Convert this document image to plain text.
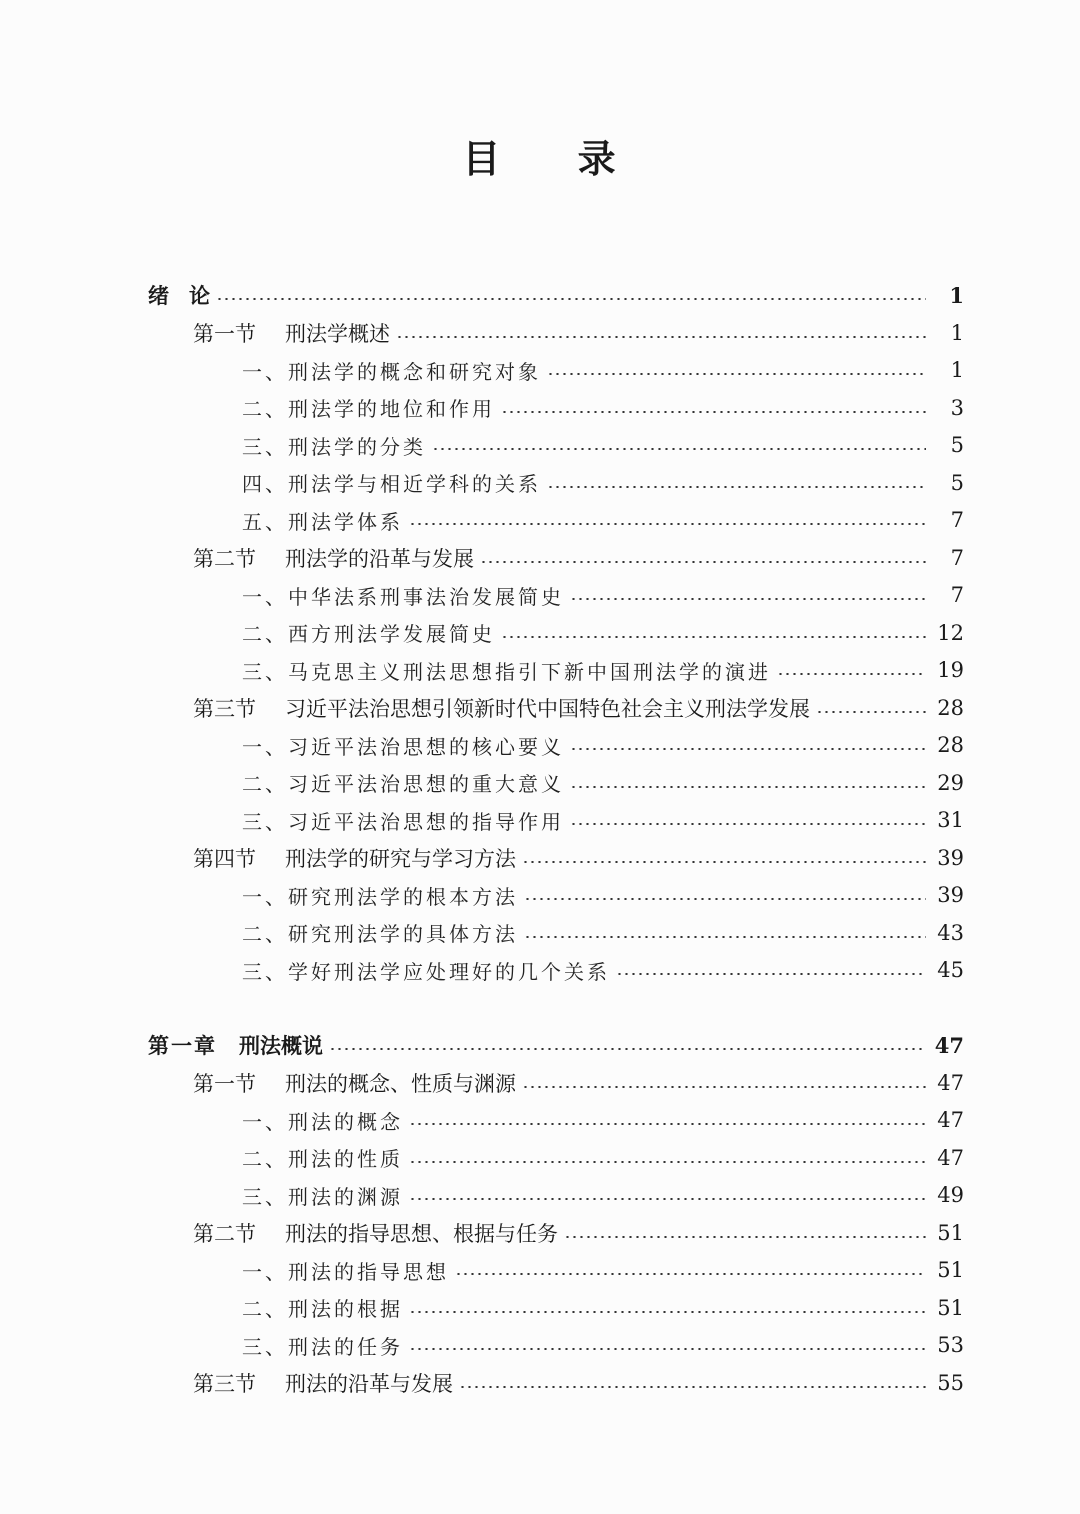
目 录
绪 论	1
第一节	刑法学概述	1
一、刑法学的概念和研究对象	1
二、刑法学的地位和作用	3
三、刑法学的分类	5
四、刑法学与相近学科的关系	5
五、刑法学体系	7
第二节	刑法学的沿革与发展	7
一、中华法系刑事法治发展简史	7
二、西方刑法学发展简史	12
三、马克思主义刑法思想指引下新中国刑法学的演进	19
第三节	习近平法治思想引领新时代中国特色社会主义刑法学发展	28
一、习近平法治思想的核心要义	28
二、习近平法治思想的重大意义	29
三、习近平法治思想的指导作用	31
第四节	刑法学的研究与学习方法	39
一、研究刑法学的根本方法	39
二、研究刑法学的具体方法	43
三、学好刑法学应处理好的几个关系	45
第一章 刑法概说	47
第一节	刑法的概念、性质与渊源	47
一、刑法的概念	47
二、刑法的性质	47
三、刑法的渊源	49
第二节	刑法的指导思想、根据与任务	51
一、刑法的指导思想	51
二、刑法的根据	51
三、刑法的任务	53
第三节	刑法的沿革与发展	55
